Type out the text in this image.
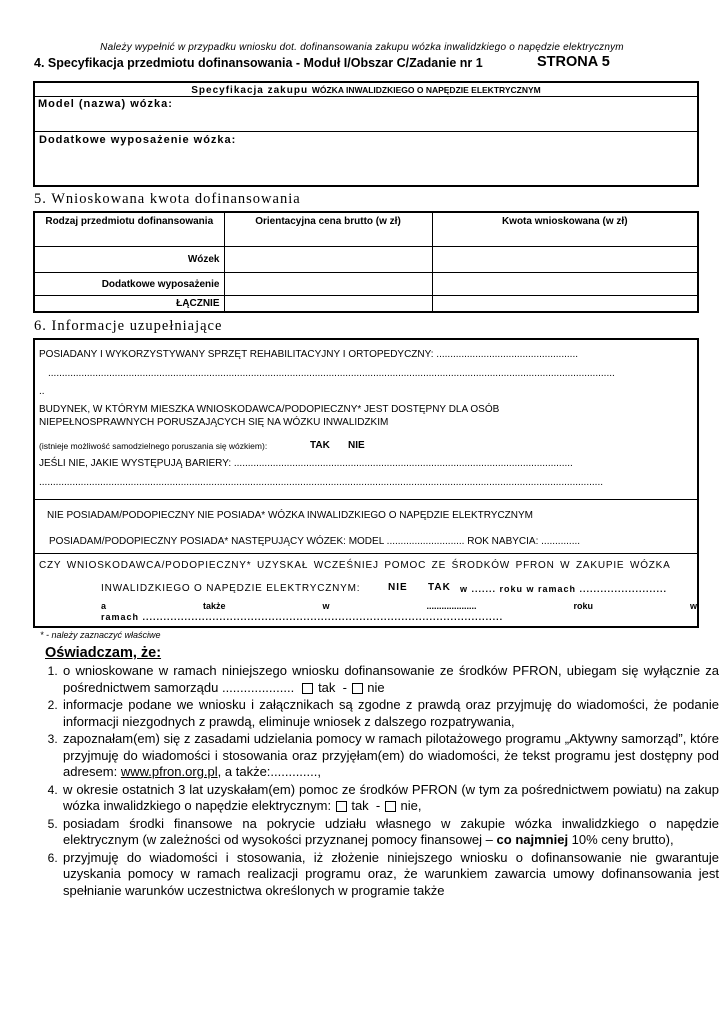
Należy wypełnić w przypadku wniosku dot. dofinansowania zakupu wózka inwalidzkiego o napędzie elektrycznym
4. Specyfikacja przedmiotu dofinansowania - Moduł I/Obszar C/Zadanie nr 1	STRONA 5
Specyfikacja zakupu WÓZKA INWALIDZKIEGO O NAPĘDZIE ELEKTRYCZNYM
Model (nazwa) wózka:
Dodatkowe wyposażenie wózka:
5. Wnioskowana kwota dofinansowania
Rodzaj przedmiotu dofinansowania	Orientacyjna cena brutto (w zł)	Kwota wnioskowana (w zł)
Wózek		
Dodatkowe wyposażenie		
ŁĄCZNIE		
6. Informacje uzupełniające
POSIADANY I WYKORZYSTYWANY SPRZĘT REHABILITACYJNY I ORTOPEDYCZNY: ...................................................
............................................................................................................................................................................................................
..
BUDYNEK, W KTÓRYM MIESZKA WNIOSKODAWCA/PODOPIECZNY* JEST DOSTĘPNY DLA OSÓB
NIEPEŁNOSPRAWNYCH PORUSZAJĄCYCH SIĘ NA WÓZKU INWALIDZKIM
(istnieje możliwość samodzielnego poruszania się wózkiem):	TAK NIE
JEŚLI NIE, JAKIE WYSTĘPUJĄ BARIERY: ..........................................................................................................................
...........................................................................................................................................................................................................
NIE POSIADAM/PODOPIECZNY NIE POSIADA* WÓZKA INWALIDZKIEGO O NAPĘDZIE ELEKTRYCZNYM
POSIADAM/PODOPIECZNY POSIADA* NASTĘPUJĄCY WÓZEK: MODEL ............................ ROK NABYCIA: ..............
CZY WNIOSKODAWCA/PODOPIECZNY* UZYSKAŁ WCZEŚNIEJ POMOC ZE ŚRODKÓW PFRON W ZAKUPIE WÓZKA
INWALIDZKIEGO O NAPĘDZIE ELEKTRYCZNYM:	NIE TAK w ....... roku w ramach .........................
a także w .................... roku w
ramach .......................................................................................................
* - należy zaznaczyć właściwe
Oświadczam, że:
1. o wnioskowane w ramach niniejszego wniosku dofinansowanie ze środków PFRON, ubiegam się wyłącznie za pośrednictwem samorządu .................... tak - nie
2. informacje podane we wniosku i załącznikach są zgodne z prawdą oraz przyjmuję do wiadomości, że podanie informacji niezgodnych z prawdą, eliminuje wniosek z dalszego rozpatrywania,
3. zapoznałam(em) się z zasadami udzielania pomocy w ramach pilotażowego programu „Aktywny samorząd”, które przyjmuję do wiadomości i stosowania oraz przyjęłam(em) do wiadomości, że tekst programu jest dostępny pod adresem: www.pfron.org.pl, a także:.............,
4. w okresie ostatnich 3 lat uzyskałam(em) pomoc ze środków PFRON (w tym za pośrednictwem powiatu) na zakup wózka inwalidzkiego o napędzie elektrycznym: tak - nie,
5. posiadam środki finansowe na pokrycie udziału własnego w zakupie wózka inwalidzkiego o napędzie elektrycznym (w zależności od wysokości przyznanej pomocy finansowej – co najmniej 10% ceny brutto),
6. przyjmuję do wiadomości i stosowania, iż złożenie niniejszego wniosku o dofinansowanie nie gwarantuje uzyskania pomocy w ramach realizacji programu oraz, że warunkiem zawarcia umowy dofinansowania jest spełnianie warunków uczestnictwa określonych w programie także
